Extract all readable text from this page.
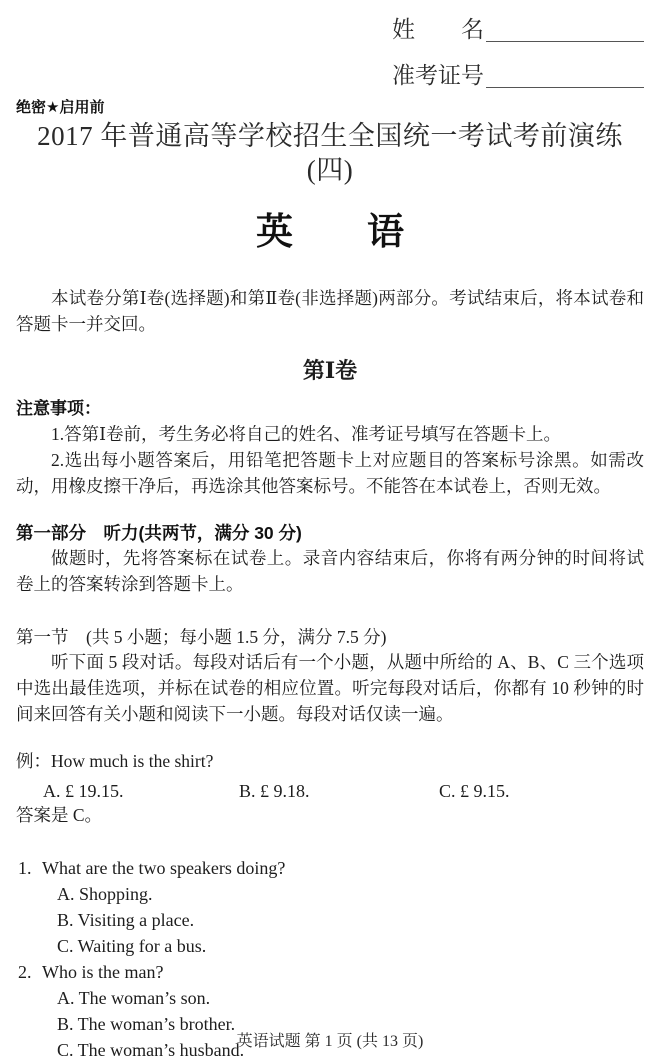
姓　　名
准考证号
绝密★启用前
2017 年普通高等学校招生全国统一考试考前演练(四)
英　　语

本试卷分第Ⅰ卷(选择题)和第Ⅱ卷(非选择题)两部分。考试结束后，将本试卷和答题卡一并交回。

第Ⅰ卷
注意事项：

1.答第Ⅰ卷前，考生务必将自己的姓名、准考证号填写在答题卡上。

2.选出每小题答案后，用铅笔把答题卡上对应题目的答案标号涂黑。如需改动，用橡皮擦干净后，再选涂其他答案标号。不能答在本试卷上，否则无效。

第一部分　听力(共两节，满分 30 分)

做题时，先将答案标在试卷上。录音内容结束后，你将有两分钟的时间将试卷上的答案转涂到答题卡上。

第一节　(共 5 小题；每小题 1.5 分，满分 7.5 分)

听下面 5 段对话。每段对话后有一个小题，从题中所给的 A、B、C 三个选项中选出最佳选项，并标在试卷的相应位置。听完每段对话后，你都有 10 秒钟的时间来回答有关小题和阅读下一小题。每段对话仅读一遍。

例：How much is the shirt?
A. £ 19.15.	B. £ 9.18.	C. £ 9.15.
答案是 C。
1. What are the two speakers doing?
A. Shopping.
B. Visiting a place.
C. Waiting for a bus.
2. Who is the man?
A. The woman’s son.
B. The woman’s brother.
C. The woman’s husband.
英语试题 第 1 页 (共 13 页)
